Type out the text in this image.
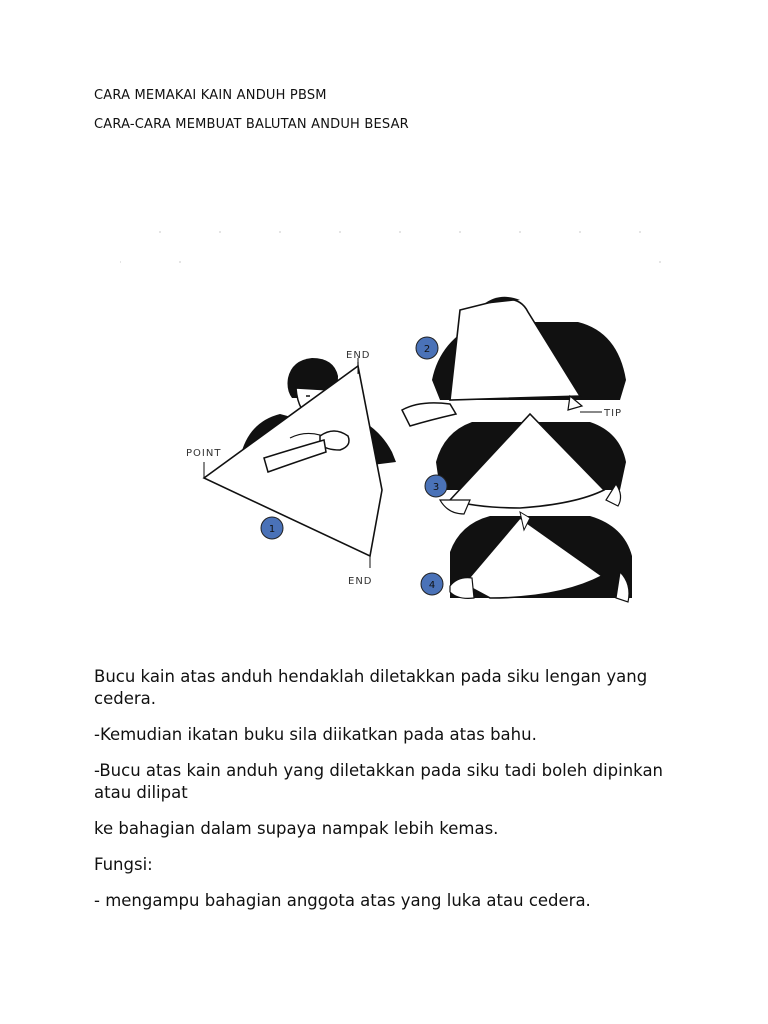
CARA MEMAKAI KAIN ANDUH PBSM
CARA-CARA MEMBUAT BALUTAN ANDUH BESAR
END
POINT
END
TIP
1
2
3
4

Bucu kain atas anduh hendaklah diletakkan pada siku lengan yang cedera.

-Kemudian ikatan buku sila diikatkan pada atas bahu.

-Bucu atas kain anduh yang diletakkan pada siku tadi boleh dipinkan atau dilipat

ke bahagian dalam supaya nampak lebih kemas.

Fungsi:

- mengampu bahagian anggota atas yang luka atau cedera.
